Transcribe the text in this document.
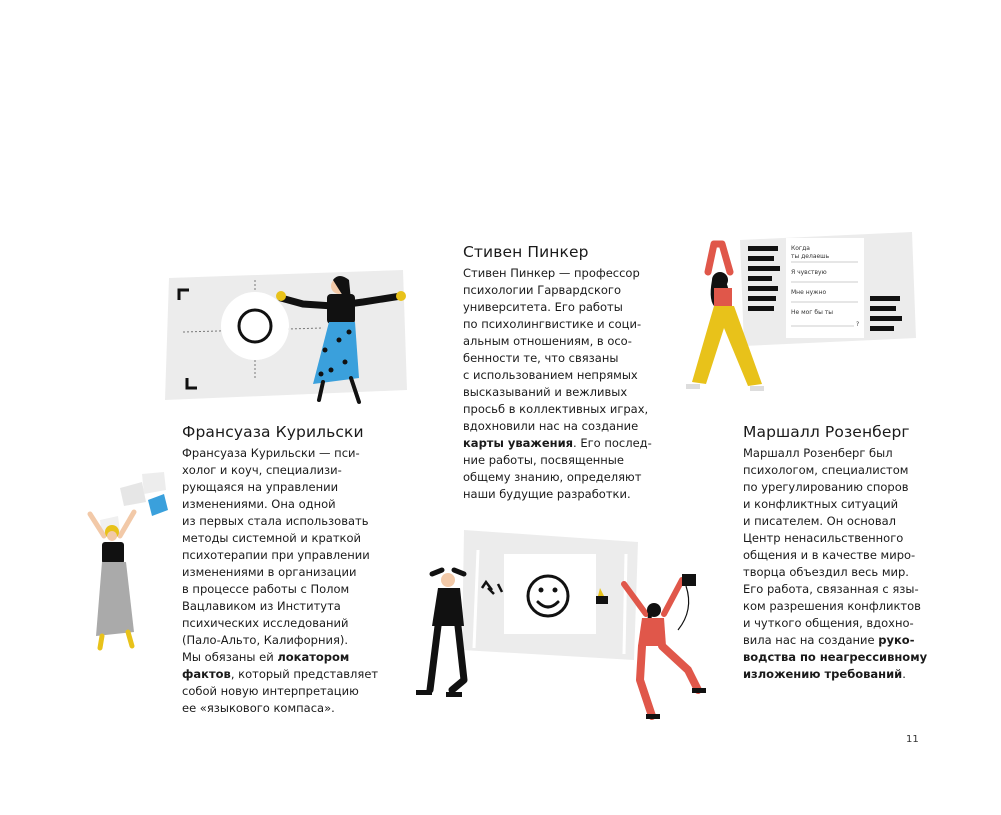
Стивен Пинкер

Стивен Пинкер — профессор
психологии Гарвардского
университета. Его работы
по психолингвистике и соци-
альным отношениям, в осо-
бенности те, что связаны
с использованием непрямых
высказываний и вежливых
просьб в коллективных играх,
вдохновили нас на создание
карты уважения. Его послед-
ние работы, посвященные
общему знанию, определяют
наши будущие разработки.

Франсуаза Курильски

Франсуаза Курильски — пси-
холог и коуч, специализи-
рующаяся на управлении
изменениями. Она одной
из первых стала использовать
методы системной и краткой
психотерапии при управлении
изменениями в организации
в процессе работы с Полом
Вацлавиком из Института
психических исследований
(Пало-Альто, Калифорния).
Мы обязаны ей локатором
фактов, который представляет
собой новую интерпретацию
ее «языкового компаса».

Маршалл Розенберг

Маршалл Розенберг был
психологом, специалистом
по урегулированию споров
и конфликтных ситуаций
и писателем. Он основал
Центр ненасильственного
общения и в качестве миро-
творца объездил весь мир.
Его работа, связанная с язы-
ком разрешения конфликтов
и чуткого общения, вдохно-
вила нас на создание руко-
водства по неагрессивному
изложению требований.

11
Когда
ты делаешь
Я чувствую
Мне нужно
Не мог бы ты
?
